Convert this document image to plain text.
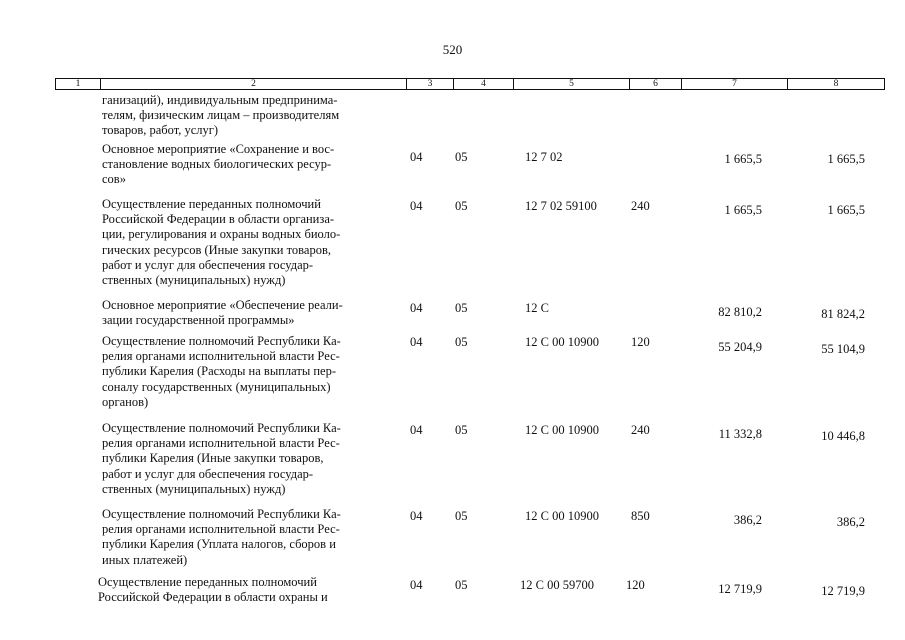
520
1	2	3	4	5	6	7	8
ганизаций), индивидуальным предпринима-
телям, физическим лицам – производителям
товаров, работ, услуг)
Основное мероприятие «Сохранение и вос-
становление водных биологических ресур-
сов»
04	05	12 7 02	1 665,5	1 665,5
Осуществление переданных полномочий
Российской Федерации в области организа-
ции, регулирования и охраны водных биоло-
гических ресурсов (Иные закупки товаров,
работ и услуг для обеспечения государ-
ственных (муниципальных) нужд)
04	05	12 7 02 59100	240	1 665,5	1 665,5
Основное мероприятие «Обеспечение реали-
зации государственной программы»
04	05	12 С	82 810,2	81 824,2
Осуществление полномочий Республики Ка-
релия органами исполнительной власти Рес-
публики Карелия (Расходы на выплаты пер-
соналу государственных (муниципальных)
органов)
04	05	12 С 00 10900	120	55 204,9	55 104,9
Осуществление полномочий Республики Ка-
релия органами исполнительной власти Рес-
публики Карелия (Иные закупки товаров,
работ и услуг для обеспечения государ-
ственных (муниципальных) нужд)
04	05	12 С 00 10900	240	11 332,8	10 446,8
Осуществление полномочий Республики Ка-
релия органами исполнительной власти Рес-
публики Карелия (Уплата налогов, сборов и
иных платежей)
04	05	12 С 00 10900	850	386,2	386,2
Осуществление переданных полномочий
Российской Федерации в области охраны и
04	05	12 С 00 59700	120	12 719,9	12 719,9
